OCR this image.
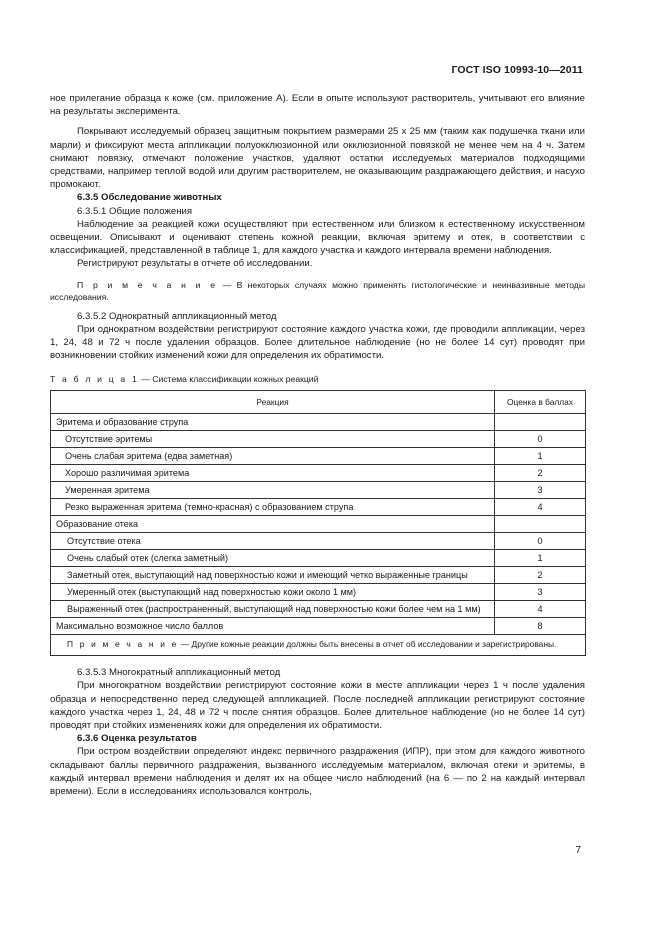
ГОСТ ISO 10993-10—2011

ное прилегание образца к коже (см. приложение А). Если в опыте используют растворитель, учитывают его влияние на результаты эксперимента.

Покрывают исследуемый образец защитным покрытием размерами 25 x 25 мм (таким как подушечка ткани или марли) и фиксируют места аппликации полуокклюзионной или окклюзионной повязкой не менее чем на 4 ч. Затем снимают повязку, отмечают положение участков, удаляют остатки исследуемых материалов подходящими средствами, например теплой водой или другим растворителем, не оказывающим раздражающего действия, и насухо промокают.

6.3.5 Обследование животных

6.3.5.1 Общие положения

Наблюдение за реакцией кожи осуществляют при естественном или близком к естественному искусственном освещении. Описывают и оценивают степень кожной реакции, включая эритему и отек, в соответствии с классификацией, представленной в таблице 1, для каждого участка и каждого интервала времени наблюдения.

Регистрируют результаты в отчете об исследовании.

П р и м е ч а н и е — В некоторых случаях можно применять гистологические и неинвазивные методы исследования.

6.3.5.2 Однократный аппликационный метод

При однократном воздействии регистрируют состояние каждого участка кожи, где проводили аппликации, через 1, 24, 48 и 72 ч после удаления образцов. Более длительное наблюдение (но не более 14 сут) проводят при возникновении стойких изменений кожи для определения их обратимости.

Т а б л и ц а 1 — Система классификации кожных реакций
Реакция	Оценка в баллах
Эритема и образование струпа	
Отсутствие эритемы	0
Очень слабая эритема (едва заметная)	1
Хорошо различимая эритема	2
Умеренная эритема	3
Резко выраженная эритема (темно-красная) с образованием струпа	4
Образование отека	
Отсутствие отека	0
Очень слабый отек (слегка заметный)	1
Заметный отек, выступающий над поверхностью кожи и имеющий четко выраженные границы	2
Умеренный отек (выступающий над поверхностью кожи около 1 мм)	3
Выраженный отек (распространенный, выступающий над поверхностью кожи более чем на 1 мм)	4
Максимально возможное число баллов	8
П р и м е ч а н и е — Другие кожные реакции должны быть внесены в отчет об исследовании и зарегистрированы.	

6.3.5.3 Многократный аппликационный метод

При многократном воздействии регистрируют состояние кожи в месте аппликации через 1 ч после удаления образца и непосредственно перед следующей аппликацией. После последней аппликации регистрируют состояние каждого участка через 1, 24, 48 и 72 ч после снятия образцов. Более длительное наблюдение (но не более 14 сут) проводят при стойких изменениях кожи для определения их обратимости.

6.3.6 Оценка результатов

При остром воздействии определяют индекс первичного раздражения (ИПР), при этом для каждого животного складывают баллы первичного раздражения, вызванного исследуемым материалом, включая отеки и эритемы, в каждый интервал времени наблюдения и делят их на общее число наблюдений (на 6 — по 2 на каждый интервал времени). Если в исследованиях использовался контроль,

7
